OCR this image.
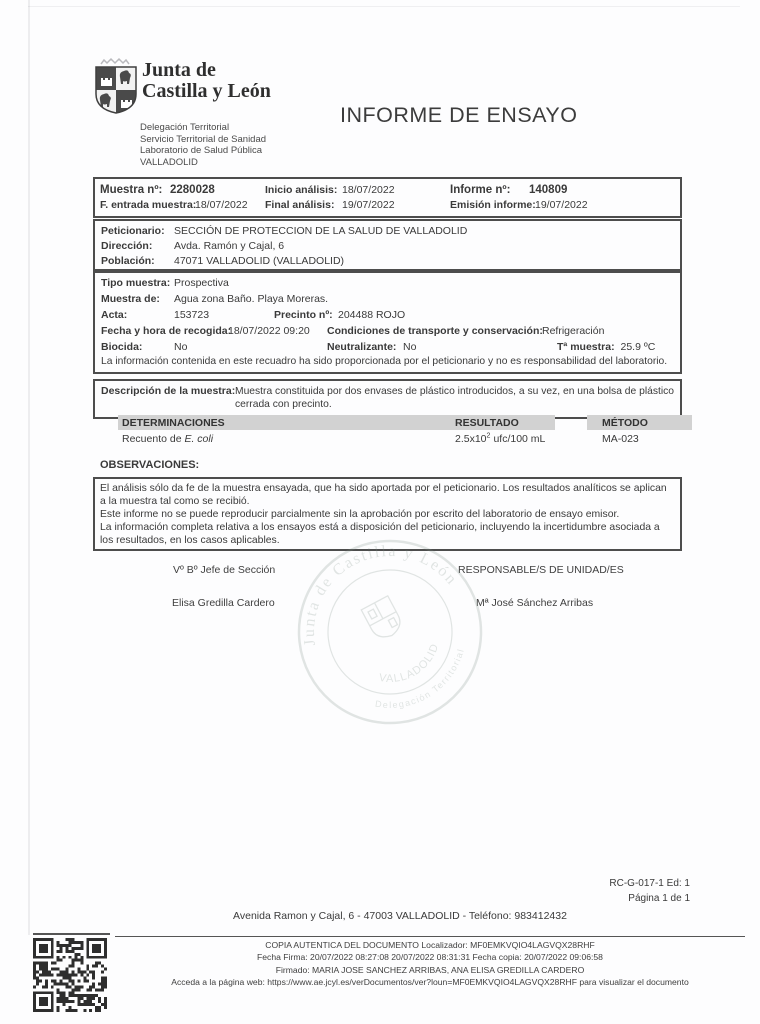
Junta de
Castilla y León
Delegación Territorial
Servicio Territorial de Sanidad
Laboratorio de Salud Pública
VALLADOLID
INFORME DE ENSAYO
Muestra nº: 2280028	Inicio análisis: 18/07/2022	Informe nº: 140809
F. entrada muestra:
18/07/2022 Final análisis: 19/07/2022	Emisión informe: 19/07/2022
Peticionario: SECCIÓN DE PROTECCION DE LA SALUD DE VALLADOLID
Dirección: Avda. Ramón y Cajal, 6
Población: 47071 VALLADOLID (VALLADOLID)
Tipo muestra: Prospectiva
Muestra de: Agua zona Baño. Playa Moreras.
Acta:	153723	Precinto nº: 204488 ROJO
Fecha y hora de recogida:
18/07/2022 09:20 Condiciones de transporte y conservación: Refrigeración
Biocida:	No	Neutralizante: No	Tª muestra: 25.9 ºC
La información contenida en este recuadro ha sido proporcionada por el peticionario y no es responsabilidad del laboratorio.
Descripción de la muestra: Muestra constituida por dos envases de plástico introducidos, a su vez, en una bolsa de plástico cerrada con precinto.
DETERMINACIONES	RESULTADO	MÉTODO
Recuento de E. coli	$2.5x10^2$ ufc/100 mL	MA-023
OBSERVACIONES:
El análisis sólo da fe de la muestra ensayada, que ha sido aportada por el peticionario. Los resultados analíticos se aplican a la muestra tal como se recibió.
Este informe no se puede reproducir parcialmente sin la aprobación por escrito del laboratorio de ensayo emisor.
La información completa relativa a los ensayos está a disposición del peticionario, incluyendo la incertidumbre asociada a los resultados, en los casos aplicables.
Vº Bº Jefe de Sección	RESPONSABLE/S DE UNIDAD/ES
Elisa Gredilla Cardero	Mª José Sánchez Arribas
Junta de Castilla y León
Delegación Territorial
VALLADOLID
RC-G-017-1 Ed: 1
Página 1 de 1
Avenida Ramon y Cajal, 6 - 47003 VALLADOLID - Teléfono: 983412432
COPIA AUTENTICA DEL DOCUMENTO Localizador: MF0EMKVQIO4LAGVQX28RHF
Fecha Firma: 20/07/2022 08:27:08 20/07/2022 08:31:31 Fecha copia: 20/07/2022 09:06:58
Firmado: MARIA JOSE SANCHEZ ARRIBAS, ANA ELISA GREDILLA CARDERO
Acceda a la página web: https://www.ae.jcyl.es/verDocumentos/ver?loun=MF0EMKVQIO4LAGVQX28RHF para visualizar el documento
